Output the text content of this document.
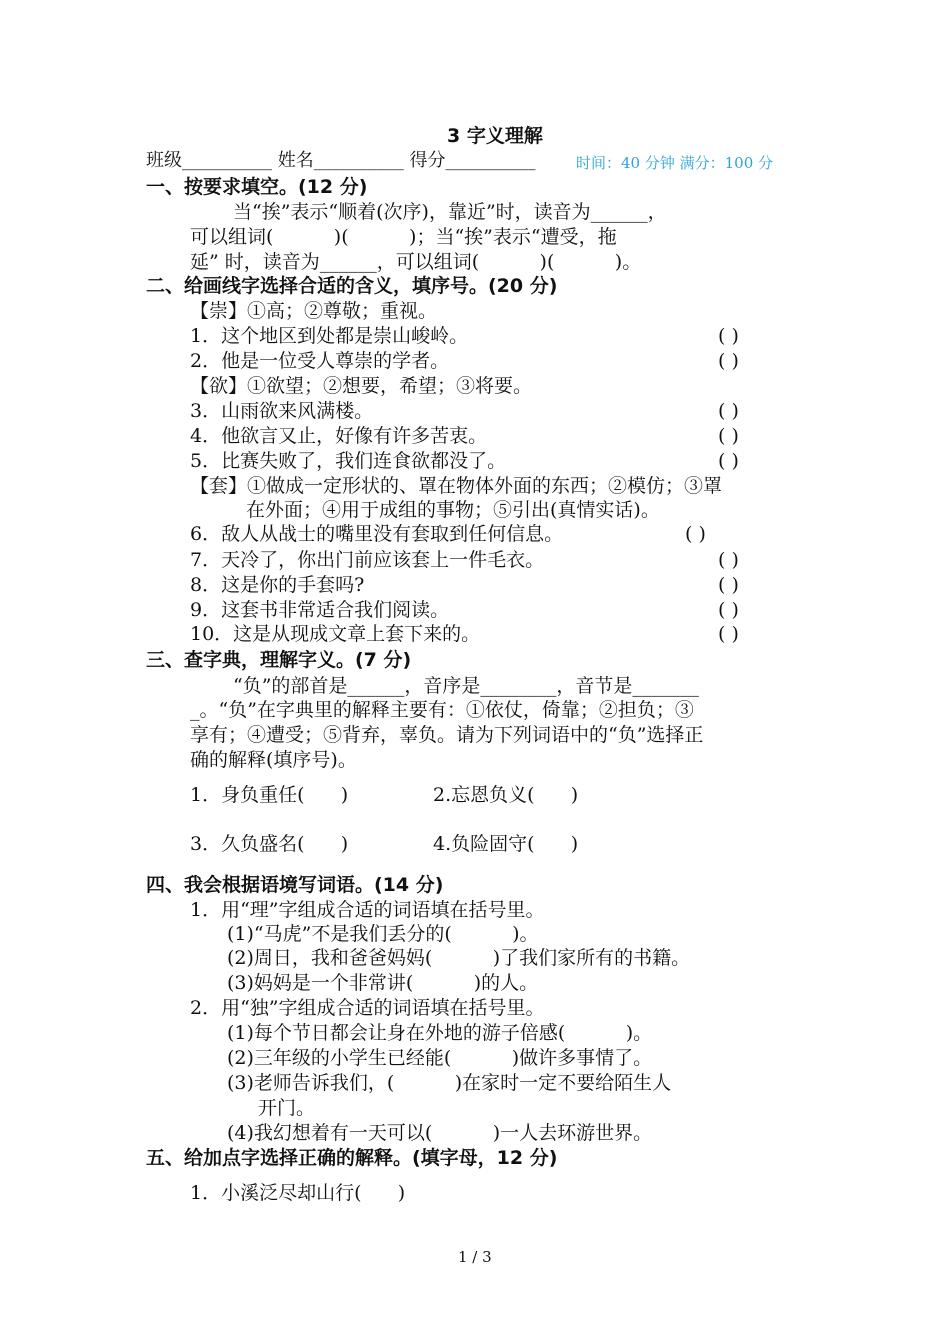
3 字义理解
班级__________ 姓名__________ 得分__________	时间：40 分钟 满分：100 分
一、按要求填空。(12 分)
当“挨”表示“顺着(次序)，靠近”时，读音为______，
可以组词(          )(          )；当“挨”表示“遭受，拖
延” 时，读音为______，可以组词(          )(          )。
二、给画线字选择合适的含义，填序号。(20 分)
【崇】①高；②尊敬；重视。
1．这个地区到处都是崇山峻岭。	( )
2．他是一位受人尊崇的学者。	( )
【欲】①欲望；②想要，希望；③将要。
3．山雨欲来风满楼。	( )
4．他欲言又止，好像有许多苦衷。	( )
5．比赛失败了，我们连食欲都没了。	( )
【套】①做成一定形状的、罩在物体外面的东西；②模仿；③罩
在外面；④用于成组的事物；⑤引出(真情实话)。
6．敌人从战士的嘴里没有套取到任何信息。	( )
7．天冷了，你出门前应该套上一件毛衣。	( )
8．这是你的手套吗?	( )
9．这套书非常适合我们阅读。	( )
10．这是从现成文章上套下来的。	( )
三、查字典，理解字义。(7 分)
“负”的部首是______，音序是________，音节是_______
_。“负”在字典里的解释主要有：①依仗，倚靠；②担负；③
享有；④遭受；⑤背弃，辜负。请为下列词语中的“负”选择正
确的解释(填序号)。
1．身负重任(      )	2.忘恩负义(      )
3．久负盛名(      )	4.负险固守(      )
四、我会根据语境写词语。(14 分)
1．用“理”字组成合适的词语填在括号里。
(1)“马虎”不是我们丢分的(          )。
(2)周日，我和爸爸妈妈(          )了我们家所有的书籍。
(3)妈妈是一个非常讲(          )的人。
2．用“独”字组成合适的词语填在括号里。
(1)每个节日都会让身在外地的游子倍感(          )。
(2)三年级的小学生已经能(          )做许多事情了。
(3)老师告诉我们，(          )在家时一定不要给陌生人
开门。
(4)我幻想着有一天可以(          )一人去环游世界。
五、给加点字选择正确的解释。(填字母，12 分)
1．小溪泛尽却山行(      )
1 / 3
